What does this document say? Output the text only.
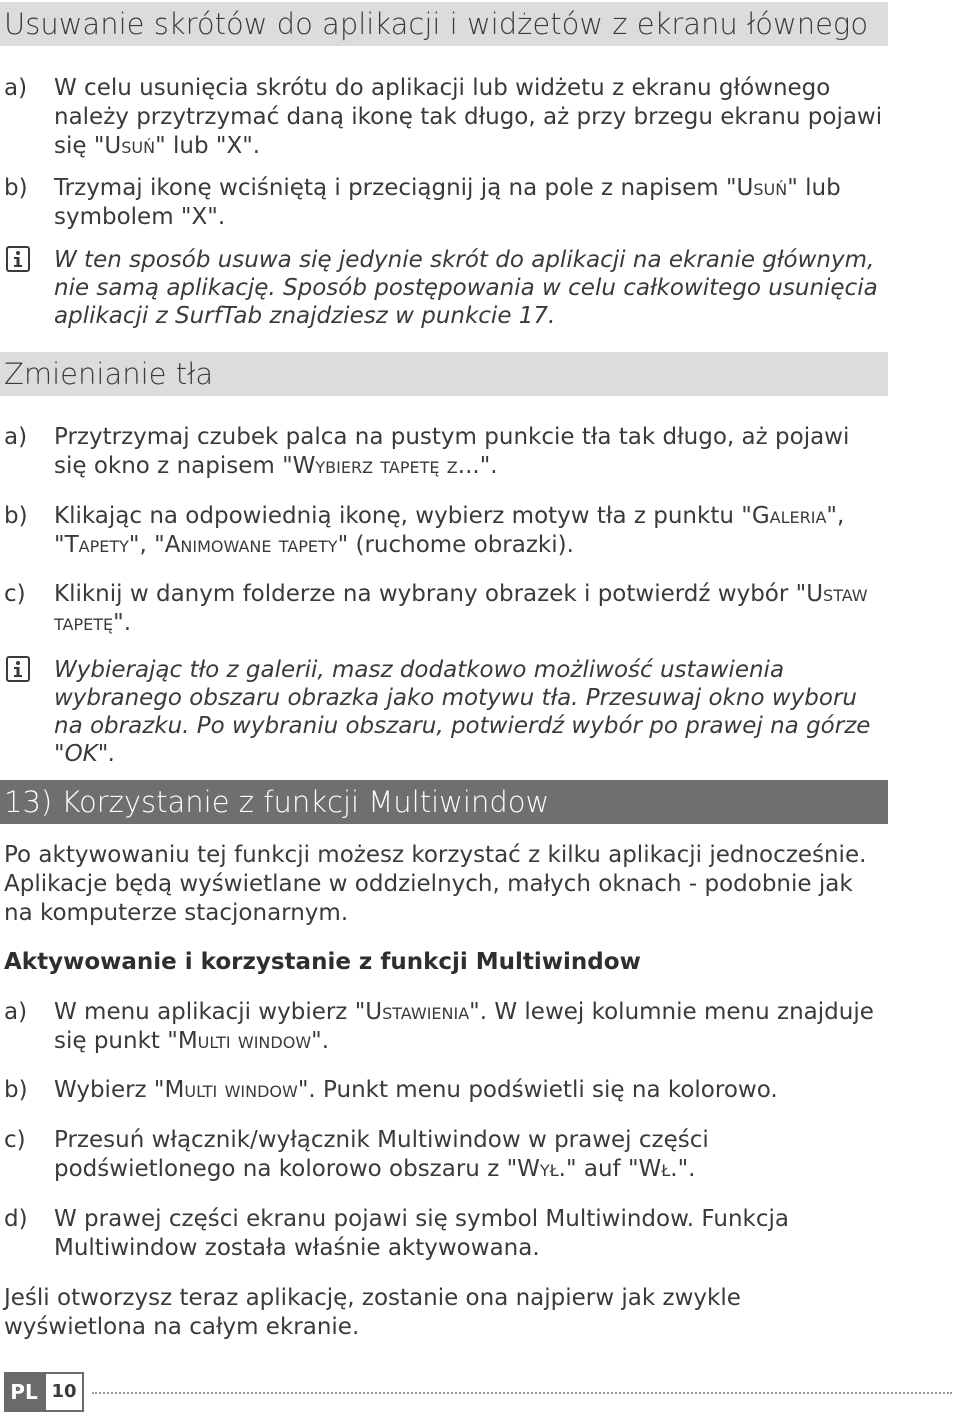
Usuwanie skrótów do aplikacji i widżetów z ekranu łównego
a)	W celu usunięcia skrótu do aplikacji lub widżetu z ekranu głównego należy przytrzymać daną ikonę tak długo, aż przy brzegu ekranu pojawi się "Usuń" lub "X".
b)	Trzymaj ikonę wciśniętą i przeciągnij ją na pole z napisem "Usuń" lub symbolem "X".
W ten sposób usuwa się jedynie skrót do aplikacji na ekranie głównym, nie samą aplikację. Sposób postępowania w celu całkowitego usunięcia aplikacji z SurfTab znajdziesz w punkcie 17.
Zmienianie tła
a)	Przytrzymaj czubek palca na pustym punkcie tła tak długo, aż pojawi się okno z napisem "Wybierz tapetę z...".
b)	Klikając na odpowiednią ikonę, wybierz motyw tła z punktu "Galeria", "Tapety", "Animowane tapety" (ruchome obrazki).
c)	Kliknij w danym folderze na wybrany obrazek i potwierdź wybór "Ustaw tapetę".
Wybierając tło z galerii, masz dodatkowo możliwość ustawienia wybranego obszaru obrazka jako motywu tła. Przesuwaj okno wyboru na obrazku. Po wybraniu obszaru, potwierdź wybór po prawej na górze "OK".
13) Korzystanie z funkcji Multiwindow
Po aktywowaniu tej funkcji możesz korzystać z kilku aplikacji jednocześnie. Aplikacje będą wyświetlane w oddzielnych, małych oknach - podobnie jak na komputerze stacjonarnym.
Aktywowanie i korzystanie z funkcji Multiwindow
a)	W menu aplikacji wybierz "Ustawienia". W lewej kolumnie menu znajduje się punkt "Multi window".
b)	Wybierz "Multi window". Punkt menu podświetli się na kolorowo.
c)	Przesuń włącznik/wyłącznik Multiwindow w prawej części podświetlonego na kolorowo obszaru z "Wył." auf "Wł.".
d)	W prawej części ekranu pojawi się symbol Multiwindow. Funkcja Multiwindow została właśnie aktywowana.
Jeśli otworzysz teraz aplikację, zostanie ona najpierw jak zwykle wyświetlona na całym ekranie.
PL 10
